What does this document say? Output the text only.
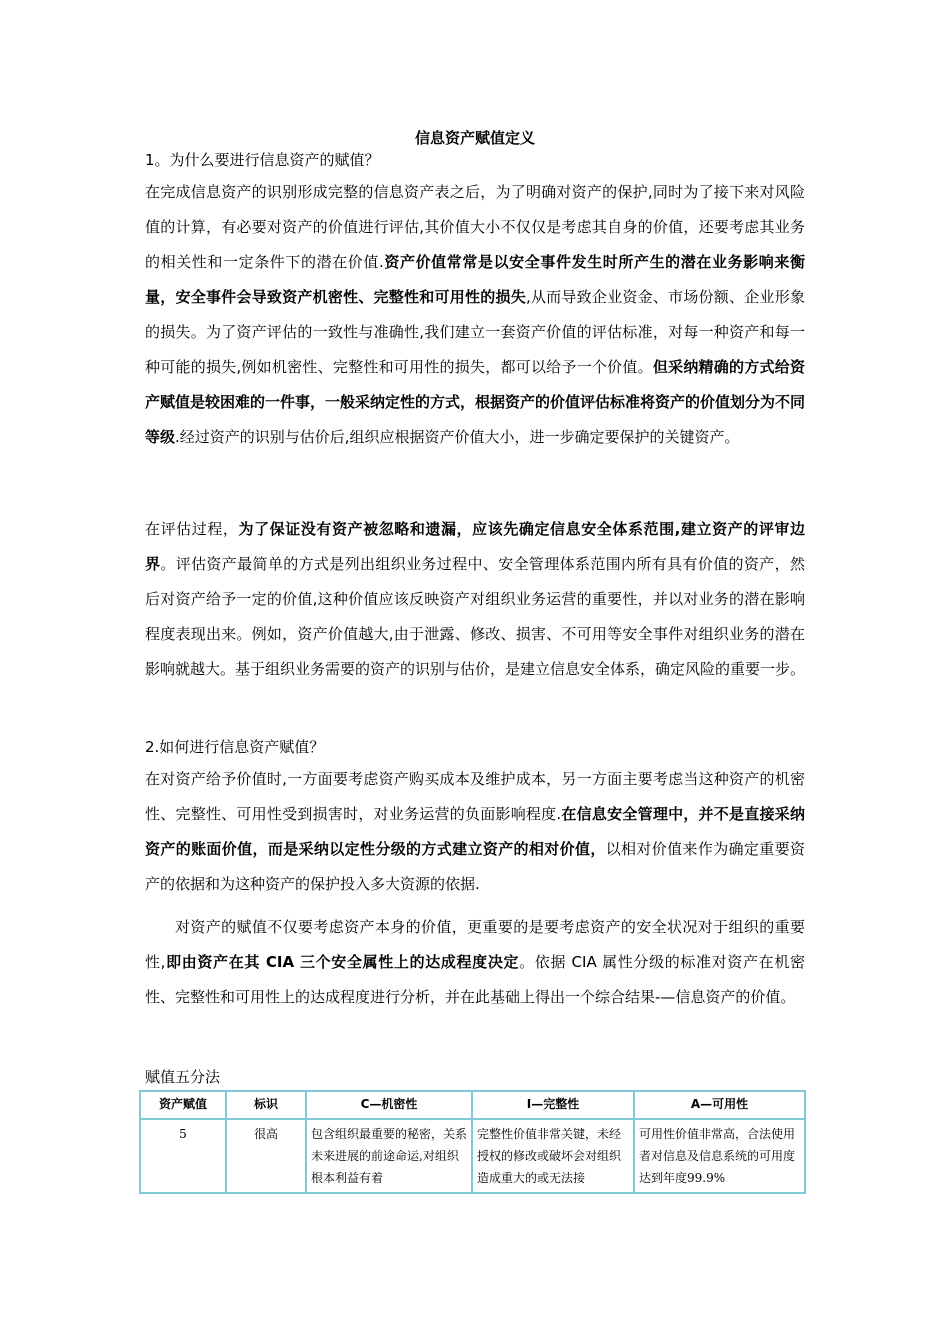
信息资产赋值定义
1。为什么要进行信息资产的赋值？
在完成信息资产的识别形成完整的信息资产表之后，为了明确对资产的保护,同时为了接下来对风险值的计算，有必要对资产的价值进行评估,其价值大小不仅仅是考虑其自身的价值，还要考虑其业务的相关性和一定条件下的潜在价值.资产价值常常是以安全事件发生时所产生的潜在业务影响来衡量，安全事件会导致资产机密性、完整性和可用性的损失,从而导致企业资金、市场份额、企业形象的损失。为了资产评估的一致性与准确性,我们建立一套资产价值的评估标准，对每一种资产和每一种可能的损失,例如机密性、完整性和可用性的损失，都可以给予一个价值。但采纳精确的方式给资产赋值是较困难的一件事，一般采纳定性的方式，根据资产的价值评估标准将资产的价值划分为不同等级.经过资产的识别与估价后,组织应根据资产价值大小，进一步确定要保护的关键资产。
在评估过程，为了保证没有资产被忽略和遗漏，应该先确定信息安全体系范围,建立资产的评审边界。评估资产最简单的方式是列出组织业务过程中、安全管理体系范围内所有具有价值的资产，然后对资产给予一定的价值,这种价值应该反映资产对组织业务运营的重要性，并以对业务的潜在影响程度表现出来。例如，资产价值越大,由于泄露、修改、损害、不可用等安全事件对组织业务的潜在影响就越大。基于组织业务需要的资产的识别与估价，是建立信息安全体系，确定风险的重要一步。
2.如何进行信息资产赋值？
在对资产给予价值时,一方面要考虑资产购买成本及维护成本，另一方面主要考虑当这种资产的机密性、完整性、可用性受到损害时，对业务运营的负面影响程度.在信息安全管理中，并不是直接采纳资产的账面价值，而是采纳以定性分级的方式建立资产的相对价值，以相对价值来作为确定重要资产的依据和为这种资产的保护投入多大资源的依据.
对资产的赋值不仅要考虑资产本身的价值，更重要的是要考虑资产的安全状况对于组织的重要性,即由资产在其 CIA 三个安全属性上的达成程度决定。依据 CIA 属性分级的标准对资产在机密性、完整性和可用性上的达成程度进行分析，并在此基础上得出一个综合结果-—信息资产的价值。
赋值五分法
资产赋值	标识	C—机密性	I—完整性	A—可用性
5	很高	包含组织最重要的秘密，关系未来进展的前途命运,对组织根本利益有着	完整性价值非常关键，未经授权的修改或破坏会对组织造成重大的或无法接	可用性价值非常高，合法使用者对信息及信息系统的可用度达到年度99.9%
